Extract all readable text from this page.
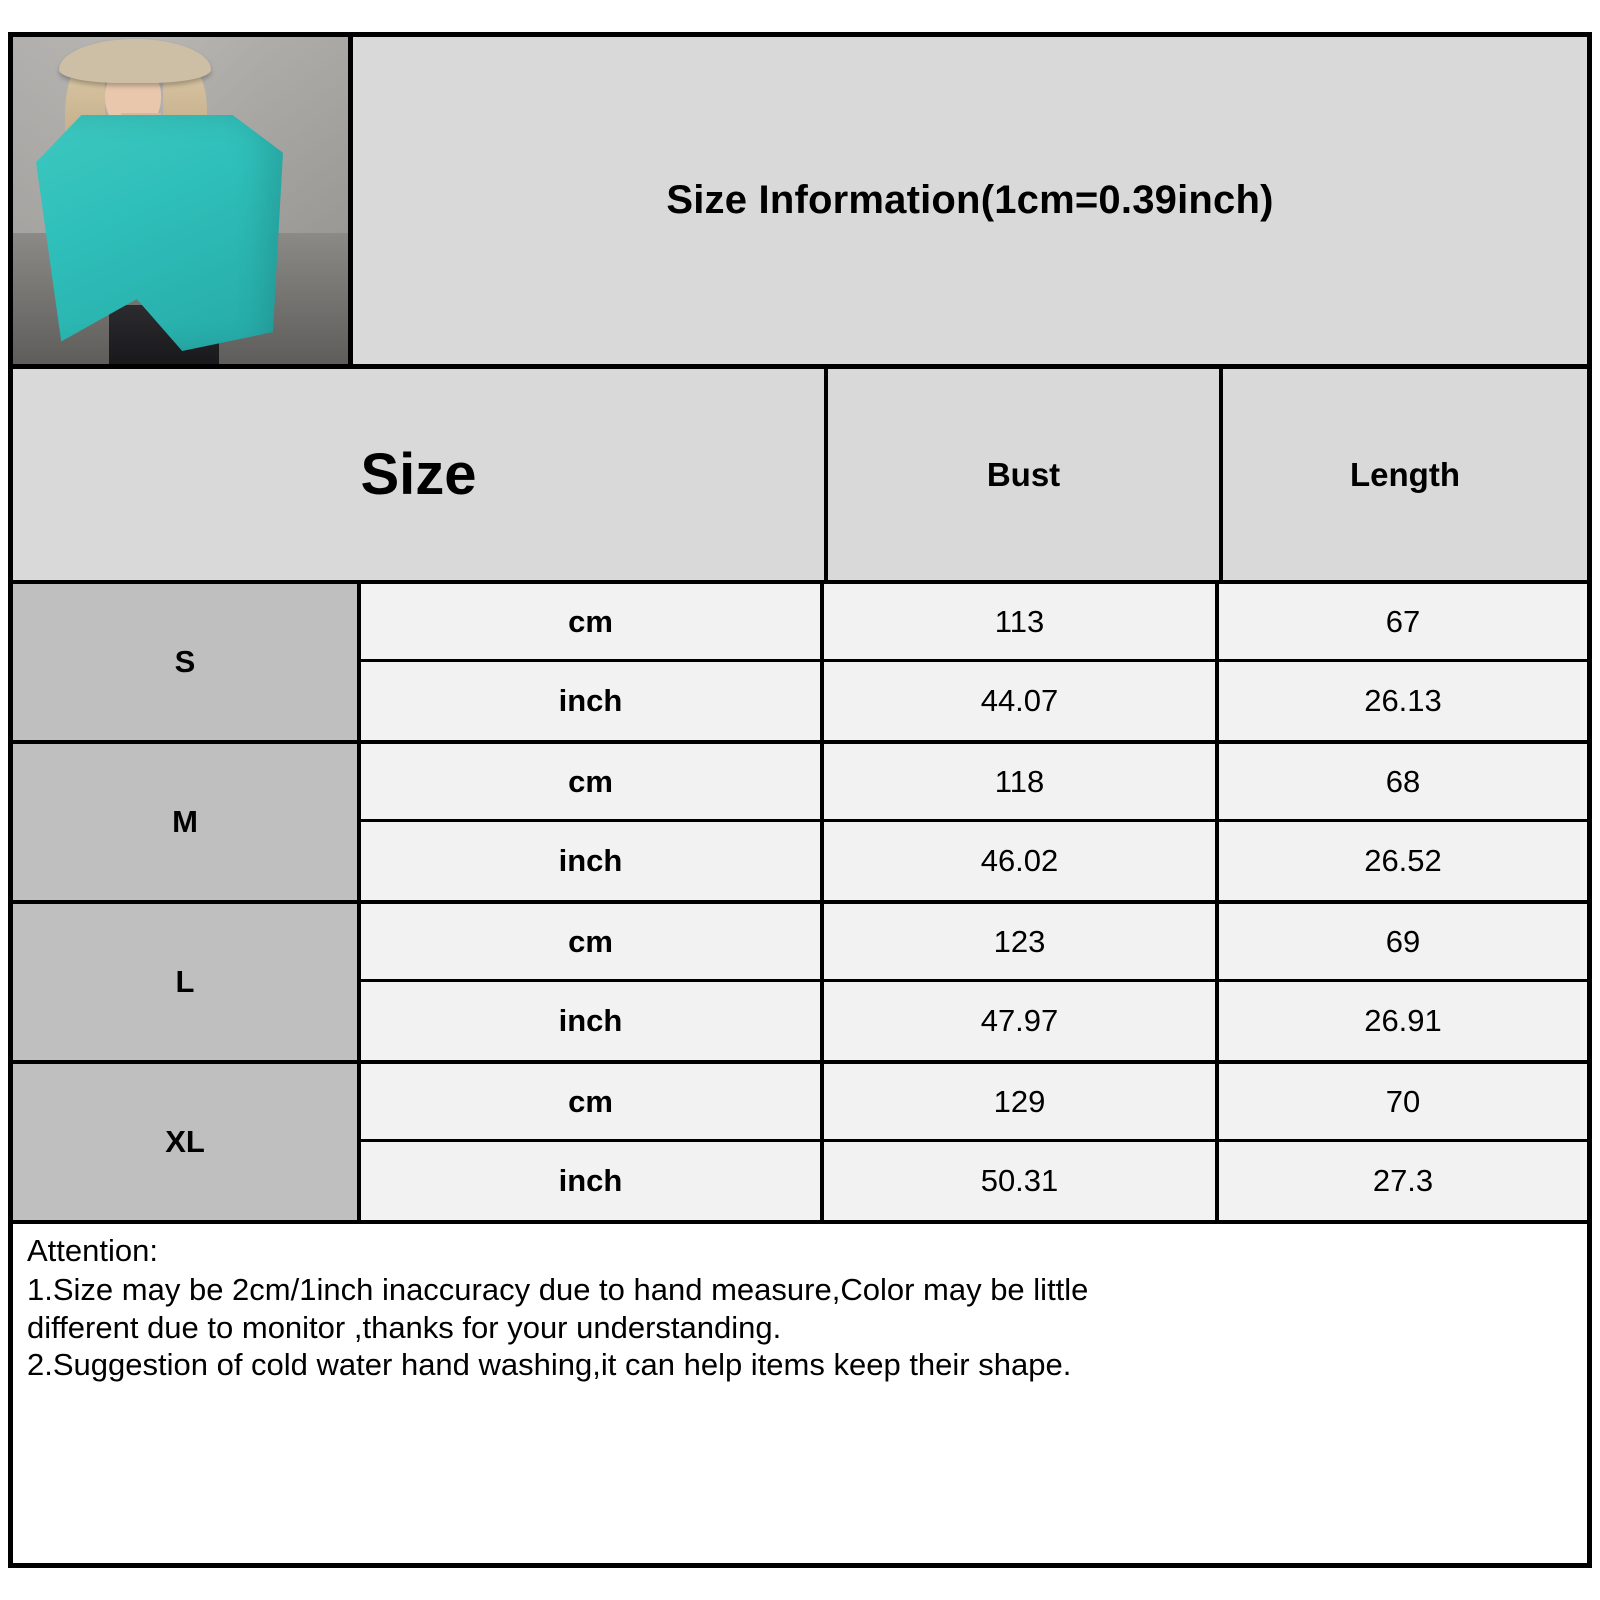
Size Information(1cm=0.39inch)
Size	Bust	Length
S
cm	113	67
inch	44.07	26.13
M
cm	118	68
inch	46.02	26.52
L
cm	123	69
inch	47.97	26.91
XL
cm	129	70
inch	50.31	27.3

Attention:

1.Size may be 2cm/1inch inaccuracy due to hand measure,Color may be little

different due to monitor ,thanks for your understanding.

2.Suggestion of cold water hand washing,it can help items keep their shape.
